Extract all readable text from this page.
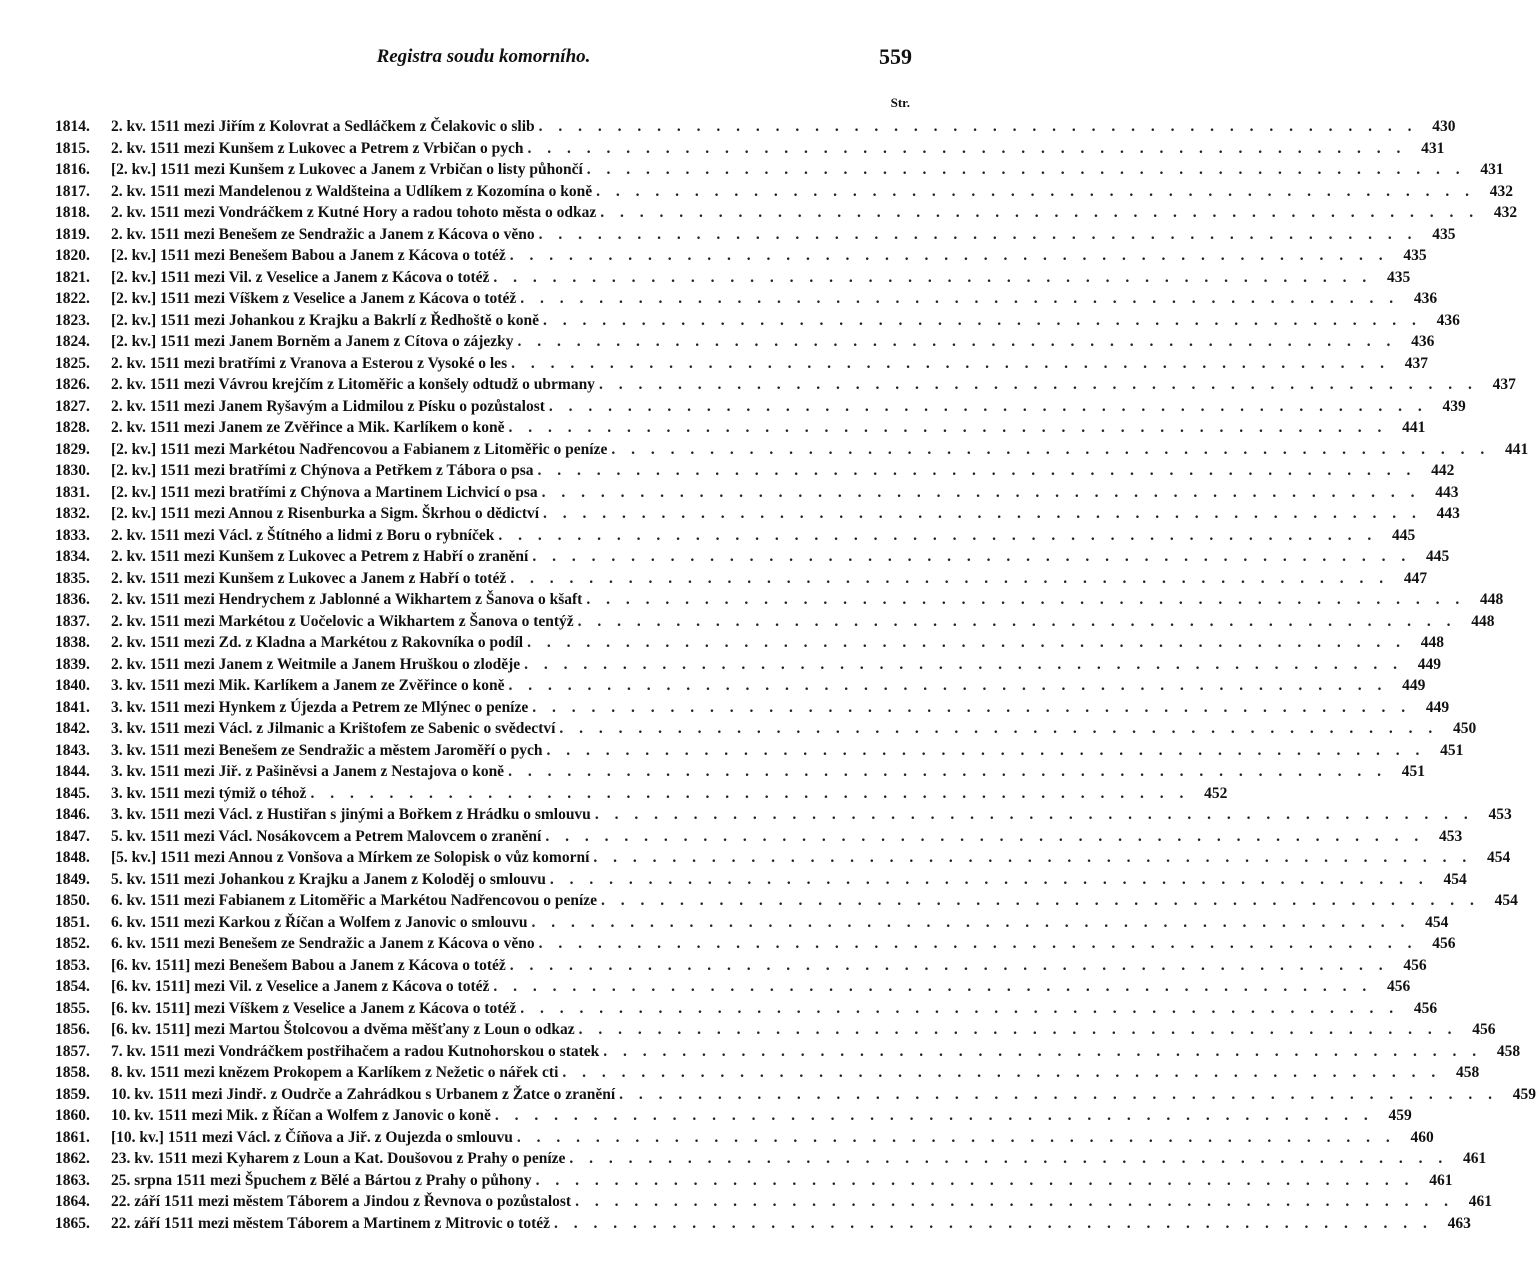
Registra soudu komorního.	559
Str.
1814.	2. kv. 1511 mezi Jiřím z Kolovrat a Sedláčkem z Čelakovic o slib . . .	430
1815.	2. kv. 1511 mezi Kunšem z Lukovec a Petrem z Vrbičan o pych . . .	431
1816.	[2. kv.] 1511 mezi Kunšem z Lukovec a Janem z Vrbičan o listy půhončí . . .	431
1817.	2. kv. 1511 mezi Mandelenou z Waldšteina a Udlíkem z Kozomína o koně . . .	432
1818.	2. kv. 1511 mezi Vondráčkem z Kutné Hory a radou tohoto města o odkaz . . .	432
1819.	2. kv. 1511 mezi Benešem ze Sendražic a Janem z Kácova o věno . . .	435
1820.	[2. kv.] 1511 mezi Benešem Babou a Janem z Kácova o totéž . . .	435
1821.	[2. kv.] 1511 mezi Vil. z Veselice a Janem z Kácova o totéž . . .	435
1822.	[2. kv.] 1511 mezi Víškem z Veselice a Janem z Kácova o totéž . . .	436
1823.	[2. kv.] 1511 mezi Johankou z Krajku a Bakrlí z Ředhoště o koně . . .	436
1824.	[2. kv.] 1511 mezi Janem Borněm a Janem z Cítova o zájezky . . .	436
1825.	2. kv. 1511 mezi bratřími z Vranova a Esterou z Vysoké o les . . .	437
1826.	2. kv. 1511 mezi Vávrou krejčím z Litoměřic a konšely odtudž o ubrmany . . .	437
1827.	2. kv. 1511 mezi Janem Ryšavým a Lidmilou z Písku o pozůstalost . . .	439
1828.	2. kv. 1511 mezi Janem ze Zvěřince a Mik. Karlíkem o koně . . .	441
1829.	[2. kv.] 1511 mezi Markétou Nadřencovou a Fabianem z Litoměřic o peníze . . .	441
1830.	[2. kv.] 1511 mezi bratřími z Chýnova a Petřkem z Tábora o psa . . .	442
1831.	[2. kv.] 1511 mezi bratřími z Chýnova a Martinem Lichvicí o psa . . .	443
1832.	[2. kv.] 1511 mezi Annou z Risenburka a Sigm. Škrhou o dědictví . . .	443
1833.	2. kv. 1511 mezi Václ. z Štítného a lidmi z Boru o rybníček . . .	445
1834.	2. kv. 1511 mezi Kunšem z Lukovec a Petrem z Habří o zranění . . .	445
1835.	2. kv. 1511 mezi Kunšem z Lukovec a Janem z Habří o totéž . . .	447
1836.	2. kv. 1511 mezi Hendrychem z Jablonné a Wikhartem z Šanova o kšaft . . .	448
1837.	2. kv. 1511 mezi Markétou z Uočelovic a Wikhartem z Šanova o tentýž . . .	448
1838.	2. kv. 1511 mezi Zd. z Kladna a Markétou z Rakovníka o podíl . . .	448
1839.	2. kv. 1511 mezi Janem z Weitmile a Janem Hruškou o zloděje . . .	449
1840.	3. kv. 1511 mezi Mik. Karlíkem a Janem ze Zvěřince o koně . . .	449
1841.	3. kv. 1511 mezi Hynkem z Újezda a Petrem ze Mlýnec o peníze . . .	449
1842.	3. kv. 1511 mezi Václ. z Jilmanic a Krištofem ze Sabenic o svědectví . . .	450
1843.	3. kv. 1511 mezi Benešem ze Sendražic a městem Jaroměří o pych . . .	451
1844.	3. kv. 1511 mezi Jiř. z Pašiněvsi a Janem z Nestajova o koně . . .	451
1845.	3. kv. 1511 mezi týmiž o téhož . . .	452
1846.	3. kv. 1511 mezi Václ. z Hustiřan s jinými a Bořkem z Hrádku o smlouvu . . .	453
1847.	5. kv. 1511 mezi Václ. Nosákovcem a Petrem Malovcem o zranění . . .	453
1848.	[5. kv.] 1511 mezi Annou z Vonšova a Mírkem ze Solopisk o vůz komorní . . .	454
1849.	5. kv. 1511 mezi Johankou z Krajku a Janem z Koloděj o smlouvu . . .	454
1850.	6. kv. 1511 mezi Fabianem z Litoměřic a Markétou Nadřencovou o peníze . . .	454
1851.	6. kv. 1511 mezi Karkou z Říčan a Wolfem z Janovic o smlouvu . . .	454
1852.	6. kv. 1511 mezi Benešem ze Sendražic a Janem z Kácova o věno . . .	456
1853.	[6. kv. 1511] mezi Benešem Babou a Janem z Kácova o totéž . . .	456
1854.	[6. kv. 1511] mezi Vil. z Veselice a Janem z Kácova o totéž . . .	456
1855.	[6. kv. 1511] mezi Víškem z Veselice a Janem z Kácova o totéž . . .	456
1856.	[6. kv. 1511] mezi Martou Štolcovou a dvěma měšťany z Loun o odkaz . . .	456
1857.	7. kv. 1511 mezi Vondráčkem postřihačem a radou Kutnohorskou o statek . . .	458
1858.	8. kv. 1511 mezi knězem Prokopem a Karlíkem z Nežetic o nářek cti . . .	458
1859.	10. kv. 1511 mezi Jindř. z Oudrče a Zahrádkou s Urbanem z Žatce o zranění . . .	459
1860.	10. kv. 1511 mezi Mik. z Říčan a Wolfem z Janovic o koně . . .	459
1861.	[10. kv.] 1511 mezi Václ. z Číňova a Jiř. z Oujezda o smlouvu . . .	460
1862.	23. kv. 1511 mezi Kyharem z Loun a Kat. Doušovou z Prahy o peníze . . .	461
1863.	25. srpna 1511 mezi Špuchem z Bělé a Bártou z Prahy o půhony . . .	461
1864.	22. září 1511 mezi městem Táborem a Jindou z Řevnova o pozůstalost . . .	461
1865.	22. září 1511 mezi městem Táborem a Martinem z Mitrovic o totéž . . .	463
